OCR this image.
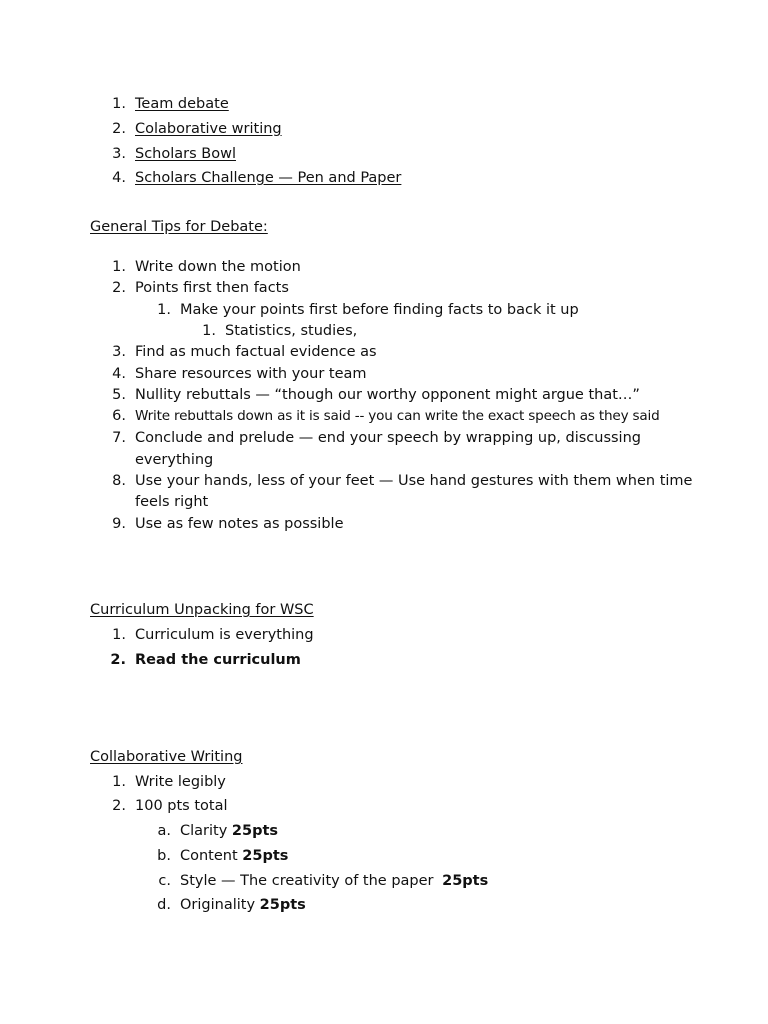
1. Team debate
2. Colaborative writing
3. Scholars Bowl
4. Scholars Challenge — Pen and Paper
General Tips for Debate:
1. Write down the motion
2. Points first then facts
1. Make your points first before finding facts to back it up
1. Statistics, studies,
3. Find as much factual evidence as
4. Share resources with your team
5. Nullity rebuttals — “though our worthy opponent might argue that…”
6. Write rebuttals down as it is said -- you can write the exact speech as they said
7. Conclude and prelude — end your speech by wrapping up, discussing
everything
8. Use your hands, less of your feet — Use hand gestures with them when time
feels right
9. Use as few notes as possible
Curriculum Unpacking for WSC
1. Curriculum is everything
2. Read the curriculum
Collaborative Writing
1. Write legibly
2. 100 pts total
a. Clarity 25pts
b. Content 25pts
c. Style — The creativity of the paper 25pts
d. Originality 25pts
